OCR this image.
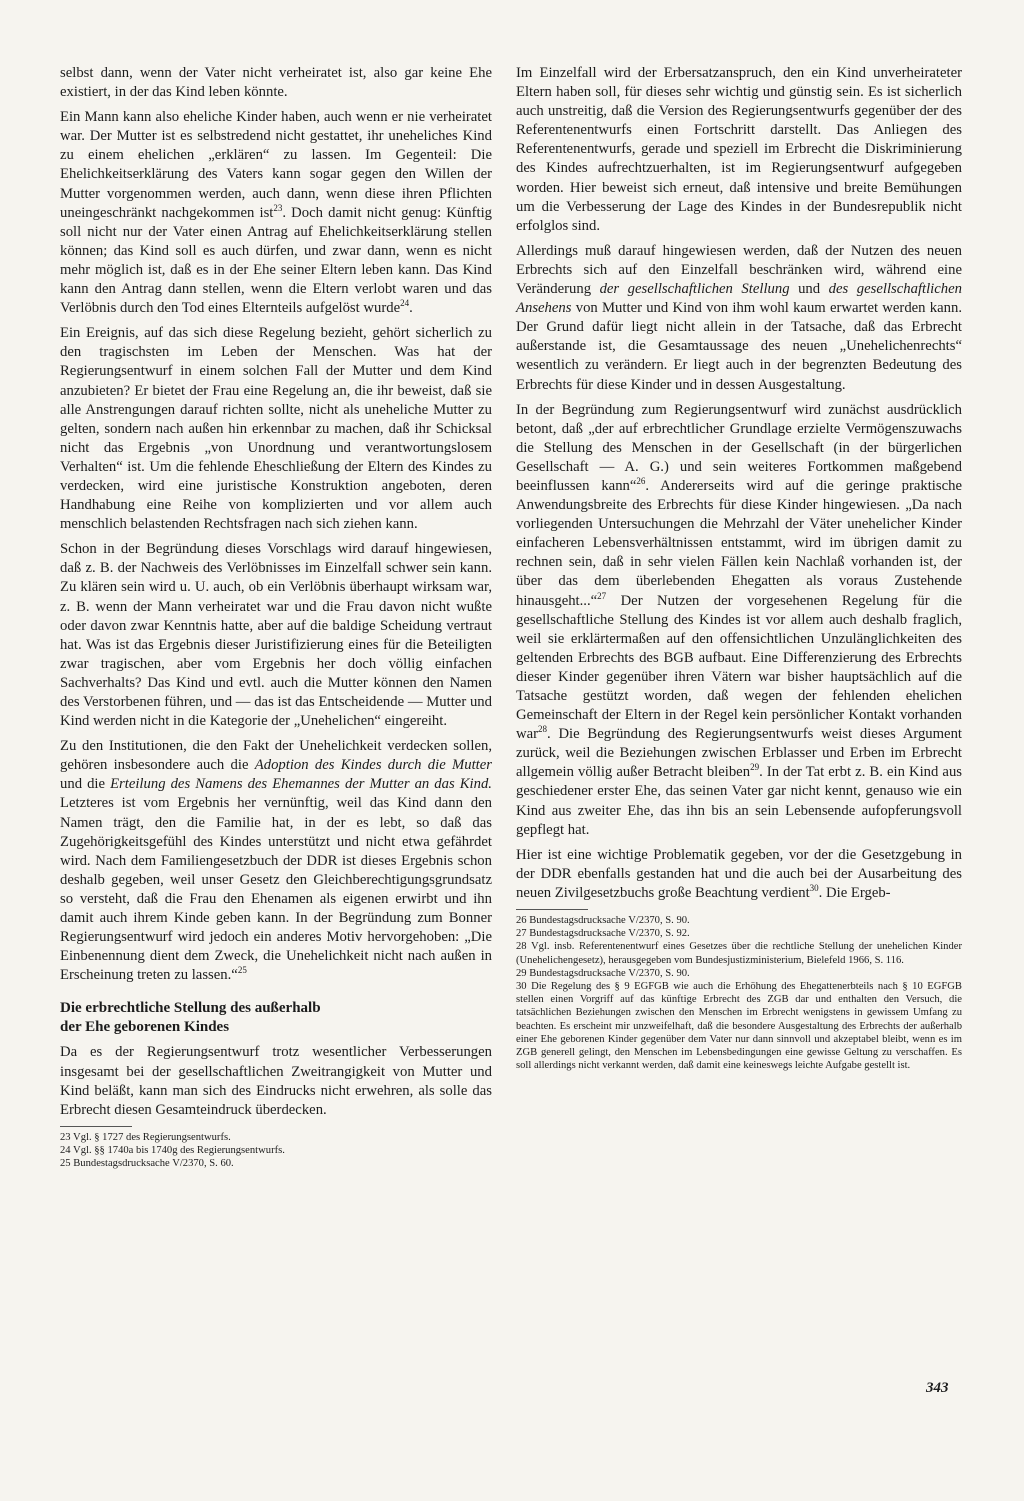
selbst dann, wenn der Vater nicht verheiratet ist, also gar keine Ehe existiert, in der das Kind leben könnte.

Ein Mann kann also eheliche Kinder haben, auch wenn er nie verheiratet war. Der Mutter ist es selbstredend nicht gestattet, ihr uneheliches Kind zu einem ehelichen „erklären“ zu lassen. Im Gegenteil: Die Ehelichkeitserklärung des Vaters kann sogar gegen den Willen der Mutter vorgenommen werden, auch dann, wenn diese ihren Pflichten uneingeschränkt nachgekommen ist$^{23}$. Doch damit nicht genug: Künftig soll nicht nur der Vater einen Antrag auf Ehelichkeitserklärung stellen können; das Kind soll es auch dürfen, und zwar dann, wenn es nicht mehr möglich ist, daß es in der Ehe seiner Eltern leben kann. Das Kind kann den Antrag dann stellen, wenn die Eltern verlobt waren und das Verlöbnis durch den Tod eines Elternteils aufgelöst wurde$^{24}$.

Ein Ereignis, auf das sich diese Regelung bezieht, gehört sicherlich zu den tragischsten im Leben der Menschen. Was hat der Regierungsentwurf in einem solchen Fall der Mutter und dem Kind anzubieten? Er bietet der Frau eine Regelung an, die ihr beweist, daß sie alle Anstrengungen darauf richten sollte, nicht als uneheliche Mutter zu gelten, sondern nach außen hin erkennbar zu machen, daß ihr Schicksal nicht das Ergebnis „von Unordnung und verantwortungslosem Verhalten“ ist. Um die fehlende Eheschließung der Eltern des Kindes zu verdecken, wird eine juristische Konstruktion angeboten, deren Handhabung eine Reihe von komplizierten und vor allem auch menschlich belastenden Rechtsfragen nach sich ziehen kann.

Schon in der Begründung dieses Vorschlags wird darauf hingewiesen, daß z. B. der Nachweis des Verlöbnisses im Einzelfall schwer sein kann. Zu klären sein wird u. U. auch, ob ein Verlöbnis überhaupt wirksam war, z. B. wenn der Mann verheiratet war und die Frau davon nicht wußte oder davon zwar Kenntnis hatte, aber auf die baldige Scheidung vertraut hat. Was ist das Ergebnis dieser Juristifizierung eines für die Beteiligten zwar tragischen, aber vom Ergebnis her doch völlig einfachen Sachverhalts? Das Kind und evtl. auch die Mutter können den Namen des Verstorbenen führen, und — das ist das Entscheidende — Mutter und Kind werden nicht in die Kategorie der „Unehelichen“ eingereiht.

Zu den Institutionen, die den Fakt der Unehelichkeit verdecken sollen, gehören insbesondere auch die Adoption des Kindes durch die Mutter und die Erteilung des Namens des Ehemannes der Mutter an das Kind. Letzteres ist vom Ergebnis her vernünftig, weil das Kind dann den Namen trägt, den die Familie hat, in der es lebt, so daß das Zugehörigkeitsgefühl des Kindes unterstützt und nicht etwa gefährdet wird. Nach dem Familiengesetzbuch der DDR ist dieses Ergebnis schon deshalb gegeben, weil unser Gesetz den Gleichberechtigungsgrundsatz so versteht, daß die Frau den Ehenamen als eigenen erwirbt und ihn damit auch ihrem Kinde geben kann. In der Begründung zum Bonner Regierungsentwurf wird jedoch ein anderes Motiv hervorgehoben: „Die Einbenennung dient dem Zweck, die Unehelichkeit nicht nach außen in Erscheinung treten zu lassen.“$^{25}$

Die erbrechtliche Stellung des außerhalb
der Ehe geborenen Kindes

Da es der Regierungsentwurf trotz wesentlicher Verbesserungen insgesamt bei der gesellschaftlichen Zweitrangigkeit von Mutter und Kind beläßt, kann man sich des Eindrucks nicht erwehren, als solle das Erbrecht diesen Gesamteindruck überdecken.

23 Vgl. § 1727 des Regierungsentwurfs.

24 Vgl. §§ 1740a bis 1740g des Regierungsentwurfs.

25 Bundestagsdrucksache V/2370, S. 60.

Im Einzelfall wird der Erbersatzanspruch, den ein Kind unverheirateter Eltern haben soll, für dieses sehr wichtig und günstig sein. Es ist sicherlich auch unstreitig, daß die Version des Regierungsentwurfs gegenüber der des Referentenentwurfs einen Fortschritt darstellt. Das Anliegen des Referentenentwurfs, gerade und speziell im Erbrecht die Diskriminierung des Kindes aufrechtzuerhalten, ist im Regierungsentwurf aufgegeben worden. Hier beweist sich erneut, daß intensive und breite Bemühungen um die Verbesserung der Lage des Kindes in der Bundesrepublik nicht erfolglos sind.

Allerdings muß darauf hingewiesen werden, daß der Nutzen des neuen Erbrechts sich auf den Einzelfall beschränken wird, während eine Veränderung der gesellschaftlichen Stellung und des gesellschaftlichen Ansehens von Mutter und Kind von ihm wohl kaum erwartet werden kann. Der Grund dafür liegt nicht allein in der Tatsache, daß das Erbrecht außerstande ist, die Gesamtaussage des neuen „Unehelichenrechts“ wesentlich zu verändern. Er liegt auch in der begrenzten Bedeutung des Erbrechts für diese Kinder und in dessen Ausgestaltung.

In der Begründung zum Regierungsentwurf wird zunächst ausdrücklich betont, daß „der auf erbrechtlicher Grundlage erzielte Vermögenszuwachs die Stellung des Menschen in der Gesellschaft (in der bürgerlichen Gesellschaft — A. G.) und sein weiteres Fortkommen maßgebend beeinflussen kann“$^{26}$. Andererseits wird auf die geringe praktische Anwendungsbreite des Erbrechts für diese Kinder hingewiesen. „Da nach vorliegenden Untersuchungen die Mehrzahl der Väter unehelicher Kinder einfacheren Lebensverhältnissen entstammt, wird im übrigen damit zu rechnen sein, daß in sehr vielen Fällen kein Nachlaß vorhanden ist, der über das dem überlebenden Ehegatten als voraus Zustehende hinausgeht...“$^{27}$ Der Nutzen der vorgesehenen Regelung für die gesellschaftliche Stellung des Kindes ist vor allem auch deshalb fraglich, weil sie erklärtermaßen auf den offensichtlichen Unzulänglichkeiten des geltenden Erbrechts des BGB aufbaut. Eine Differenzierung des Erbrechts dieser Kinder gegenüber ihren Vätern war bisher hauptsächlich auf die Tatsache gestützt worden, daß wegen der fehlenden ehelichen Gemeinschaft der Eltern in der Regel kein persönlicher Kontakt vorhanden war$^{28}$. Die Begründung des Regierungsentwurfs weist dieses Argument zurück, weil die Beziehungen zwischen Erblasser und Erben im Erbrecht allgemein völlig außer Betracht bleiben$^{29}$. In der Tat erbt z. B. ein Kind aus geschiedener erster Ehe, das seinen Vater gar nicht kennt, genauso wie ein Kind aus zweiter Ehe, das ihn bis an sein Lebensende aufopferungsvoll gepflegt hat.

Hier ist eine wichtige Problematik gegeben, vor der die Gesetzgebung in der DDR ebenfalls gestanden hat und die auch bei der Ausarbeitung des neuen Zivilgesetzbuchs große Beachtung verdient$^{30}$. Die Ergeb-

26 Bundestagsdrucksache V/2370, S. 90.

27 Bundestagsdrucksache V/2370, S. 92.

28 Vgl. insb. Referentenentwurf eines Gesetzes über die rechtliche Stellung der unehelichen Kinder (Unehelichengesetz), herausgegeben vom Bundesjustizministerium, Bielefeld 1966, S. 116.

29 Bundestagsdrucksache V/2370, S. 90.

30 Die Regelung des § 9 EGFGB wie auch die Erhöhung des Ehegattenerbteils nach § 10 EGFGB stellen einen Vorgriff auf das künftige Erbrecht des ZGB dar und enthalten den Versuch, die tatsächlichen Beziehungen zwischen den Menschen im Erbrecht wenigstens in gewissem Umfang zu beachten. Es erscheint mir unzweifelhaft, daß die besondere Ausgestaltung des Erbrechts der außerhalb einer Ehe geborenen Kinder gegenüber dem Vater nur dann sinnvoll und akzeptabel bleibt, wenn es im ZGB generell gelingt, den Menschen im Lebensbedingungen eine gewisse Geltung zu verschaffen. Es soll allerdings nicht verkannt werden, daß damit eine keineswegs leichte Aufgabe gestellt ist.

343
